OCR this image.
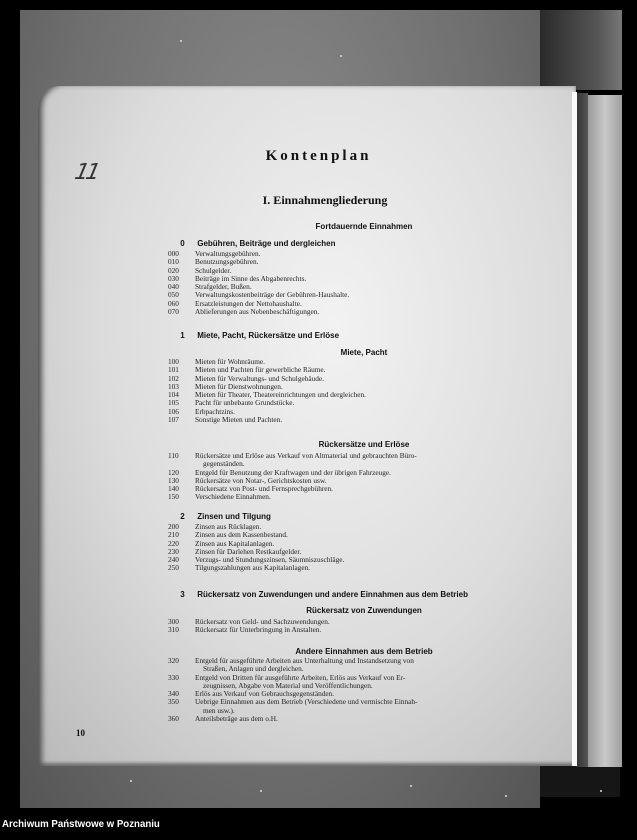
11
Kontenplan
I. Einnahmengliederung
Fortdauernde Einnahmen
0 Gebühren, Beiträge und dergleichen
000	Verwaltungsgebühren.
010	Benutzungsgebühren.
020	Schulgelder.
030	Beiträge im Sinne des Abgabenrechts.
040	Strafgelder, Bußen.
050	Verwaltungskostenbeiträge der Gebühren-Haushalte.
060	Ersatzleistungen der Nettohaushalte.
070	Ablieferungen aus Nebenbeschäftigungen.
1 Miete, Pacht, Rückersätze und Erlöse
Miete, Pacht
100	Mieten für Wohnräume.
101	Mieten und Pachten für gewerbliche Räume.
102	Mieten für Verwaltungs- und Schulgebäude.
103	Mieten für Dienstwohnungen.
104	Mieten für Theater, Theatereinrichtungen und dergleichen.
105	Pacht für unbebaute Grundstücke.
106	Erbpachtzins.
107	Sonstige Mieten und Pachten.
Rückersätze und Erlöse
110	Rückersätze und Erlöse aus Verkauf von Altmaterial und gebrauchten Büro-
gegenständen.
120	Entgeld für Benutzung der Kraftwagen und der übrigen Fahrzeuge.
130	Rückersätze von Notar-, Gerichtskosten usw.
140	Rückersatz von Post- und Fernsprechgebühren.
150	Verschiedene Einnahmen.
2 Zinsen und Tilgung
200	Zinsen aus Rücklagen.
210	Zinsen aus dem Kassenbestand.
220	Zinsen aus Kapitalanlagen.
230	Zinsen für Darlehen Restkaufgelder.
240	Verzugs- und Stundungszinsen, Säumniszuschläge.
250	Tilgungszahlungen aus Kapitalanlagen.
3 Rückersatz von Zuwendungen und andere Einnahmen aus dem Betrieb
Rückersatz von Zuwendungen
300	Rückersatz von Geld- und Sachzuwendungen.
310	Rückersatz für Unterbringung in Anstalten.
Andere Einnahmen aus dem Betrieb
320	Entgeld für ausgeführte Arbeiten aus Unterhaltung und Instandsetzung von
Straßen, Anlagen und dergleichen.
330	Entgeld von Dritten für ausgeführte Arbeiten, Erlös aus Verkauf von Er-
zeugnissen, Abgabe von Material und Veröffentlichungen.
340	Erlös aus Verkauf von Gebrauchsgegenständen.
350	Uebrige Einnahmen aus dem Betrieb (Verschiedene und vermischte Einnah-
men usw.).
360	Anteilsbeträge aus dem o.H.
10
Archiwum Państwowe w Poznaniu
